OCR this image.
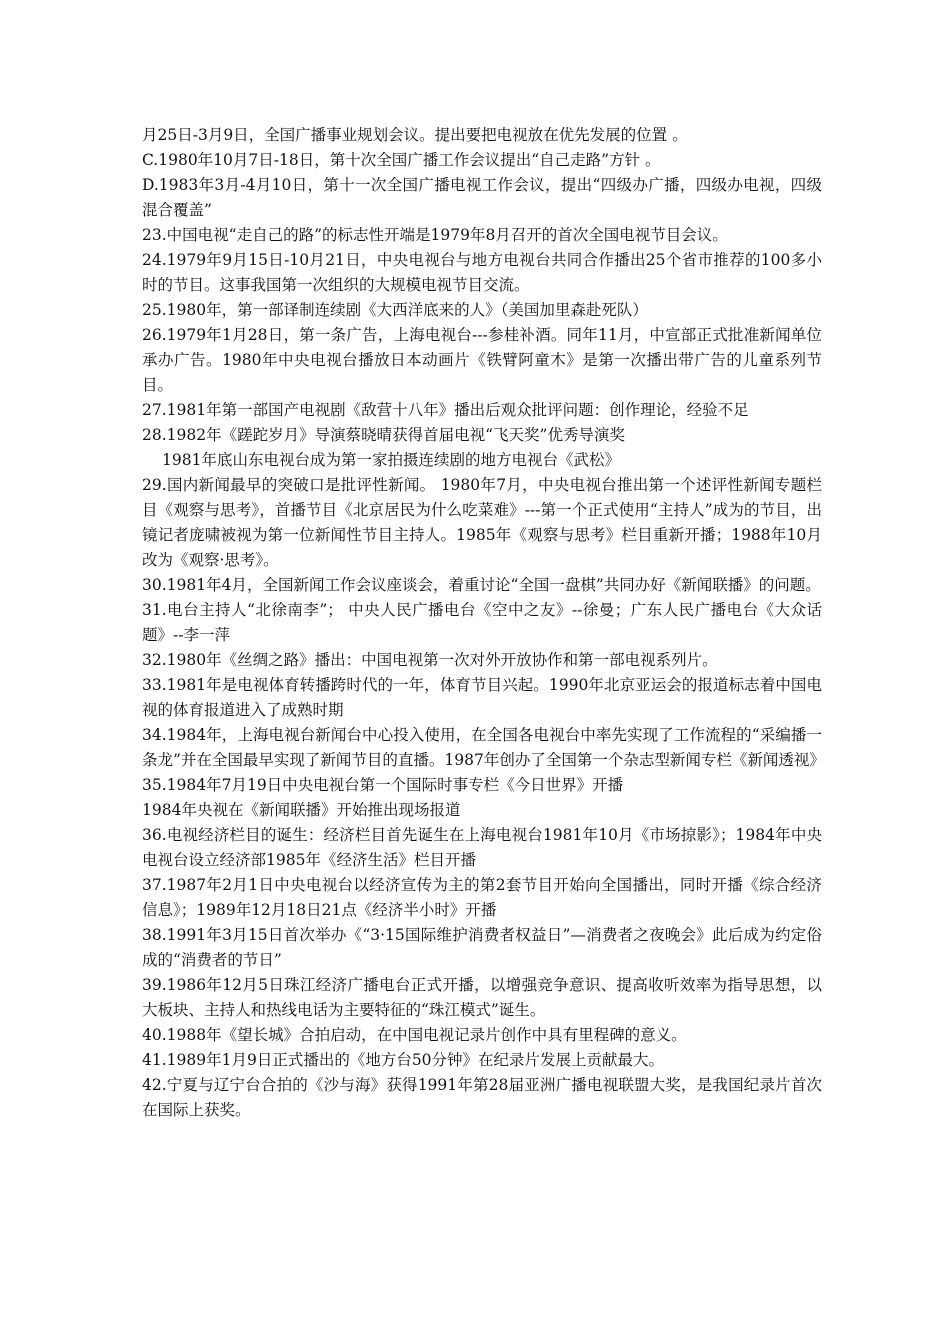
月25日-3月9日，全国广播事业规划会议。提出要把电视放在优先发展的位置 。

C.1980年10月7日-18日，第十次全国广播工作会议提出“自己走路”方针 。

D.1983年3月-4月10日，第十一次全国广播电视工作会议，提出“四级办广播，四级办电视，四级混合覆盖”

23.中国电视“走自己的路”的标志性开端是1979年8月召开的首次全国电视节目会议。

24.1979年9月15日-10月21日，中央电视台与地方电视台共同合作播出25个省市推荐的100多小时的节目。这事我国第一次组织的大规模电视节目交流。

25.1980年，第一部译制连续剧《大西洋底来的人》（美国加里森赴死队）

26.1979年1月28日，第一条广告，上海电视台---参桂补酒。同年11月，中宣部正式批准新闻单位承办广告。1980年中央电视台播放日本动画片《铁臂阿童木》是第一次播出带广告的儿童系列节目。

27.1981年第一部国产电视剧《敌营十八年》播出后观众批评问题：创作理论，经验不足

28.1982年《蹉跎岁月》导演蔡晓晴获得首届电视“飞天奖”优秀导演奖

1981年底山东电视台成为第一家拍摄连续剧的地方电视台《武松》

29.国内新闻最早的突破口是批评性新闻。 1980年7月，中央电视台推出第一个述评性新闻专题栏目《观察与思考》，首播节目《北京居民为什么吃菜难》---第一个正式使用“主持人”成为的节目，出镜记者庞啸被视为第一位新闻性节目主持人。1985年《观察与思考》栏目重新开播；1988年10月改为《观察·思考》。

30.1981年4月，全国新闻工作会议座谈会，着重讨论“全国一盘棋”共同办好《新闻联播》的问题。

31.电台主持人“北徐南李”； 中央人民广播电台《空中之友》--徐曼；广东人民广播电台《大众话题》--李一萍

32.1980年《丝绸之路》播出：中国电视第一次对外开放协作和第一部电视系列片。

33.1981年是电视体育转播跨时代的一年，体育节目兴起。1990年北京亚运会的报道标志着中国电视的体育报道进入了成熟时期

34.1984年，上海电视台新闻台中心投入使用，在全国各电视台中率先实现了工作流程的“采编播一条龙”并在全国最早实现了新闻节目的直播。1987年创办了全国第一个杂志型新闻专栏《新闻透视》

35.1984年7月19日中央电视台第一个国际时事专栏《今日世界》开播

1984年央视在《新闻联播》开始推出现场报道

36.电视经济栏目的诞生：经济栏目首先诞生在上海电视台1981年10月《市场掠影》；1984年中央电视台设立经济部1985年《经济生活》栏目开播

37.1987年2月1日中央电视台以经济宣传为主的第2套节目开始向全国播出，同时开播《综合经济信息》；1989年12月18日21点《经济半小时》开播

38.1991年3月15日首次举办《“3·15国际维护消费者权益日”—消费者之夜晚会》此后成为约定俗成的“消费者的节日”

39.1986年12月5日珠江经济广播电台正式开播，以增强竞争意识、提高收听效率为指导思想，以大板块、主持人和热线电话为主要特征的“珠江模式”诞生。

40.1988年《望长城》合拍启动，在中国电视记录片创作中具有里程碑的意义。

41.1989年1月9日正式播出的《地方台50分钟》在纪录片发展上贡献最大。

42.宁夏与辽宁台合拍的《沙与海》获得1991年第28届亚洲广播电视联盟大奖，是我国纪录片首次在国际上获奖。
